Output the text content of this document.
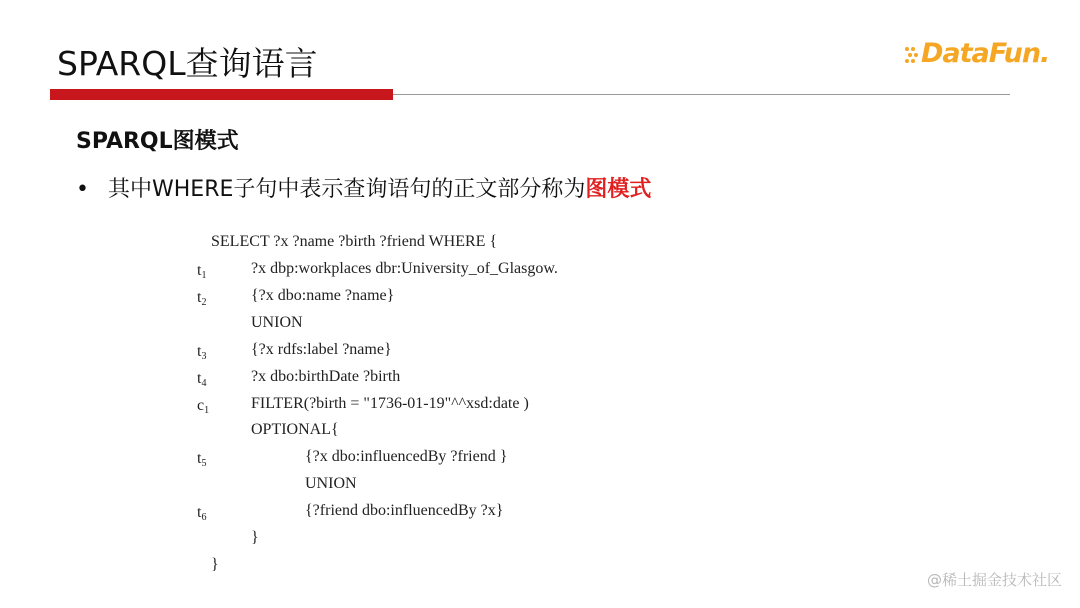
SPARQL查询语言	DataFun.
SPARQL图模式
• 其中WHERE子句中表示查询语句的正文部分称为图模式
SELECT ?x ?name ?birth ?friend WHERE {
?x dbp:workplaces dbr:University_of_Glasgow.
$t_1$
{?x dbo:name ?name}
$t_2$
UNION
{?x rdfs:label ?name}
$t_3$
?x dbo:birthDate ?birth
$t_4$
FILTER(?birth = "1736-01-19"^^xsd:date )
$c_1$
OPTIONAL{
{?x dbo:influencedBy ?friend }
$t_5$
UNION
{?friend dbo:influencedBy ?x}
$t_6$
}
}
@稀土掘金技术社区
